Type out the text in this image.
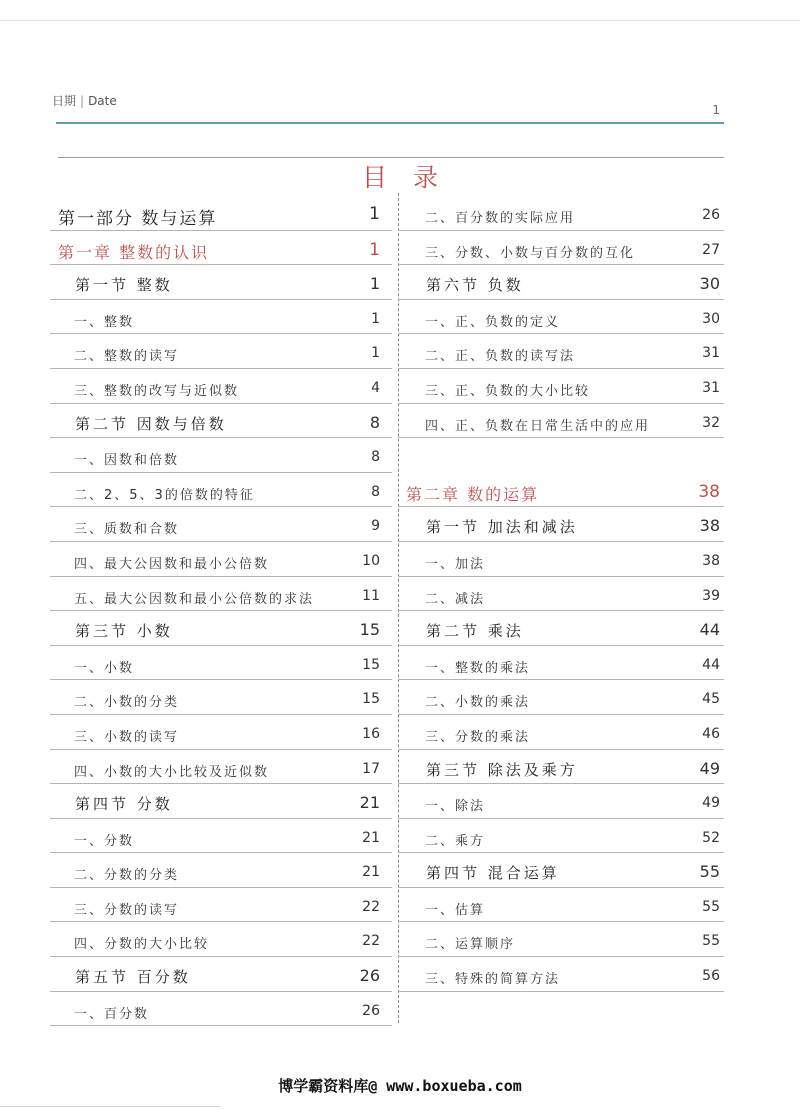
日期 | Date
1
目录
第一部分 数与运算	1
第一章 整数的认识	1
第一节 整数	1
一、整数	1
二、整数的读写	1
三、整数的改写与近似数	4
第二节 因数与倍数	8
一、因数和倍数	8
二、2、5、3的倍数的特征	8
三、质数和合数	9
四、最大公因数和最小公倍数	10
五、最大公因数和最小公倍数的求法	11
第三节 小数	15
一、小数	15
二、小数的分类	15
三、小数的读写	16
四、小数的大小比较及近似数	17
第四节 分数	21
一、分数	21
二、分数的分类	21
三、分数的读写	22
四、分数的大小比较	22
第五节 百分数	26
一、百分数	26
二、百分数的实际应用	26
三、分数、小数与百分数的互化	27
第六节 负数	30
一、正、负数的定义	30
二、正、负数的读写法	31
三、正、负数的大小比较	31
四、正、负数在日常生活中的应用	32
第二章 数的运算	38
第一节 加法和减法	38
一、加法	38
二、减法	39
第二节 乘法	44
一、整数的乘法	44
二、小数的乘法	45
三、分数的乘法	46
第三节 除法及乘方	49
一、除法	49
二、乘方	52
第四节 混合运算	55
一、估算	55
二、运算顺序	55
三、特殊的简算方法	56
博学霸资料库@ www.boxueba.com
